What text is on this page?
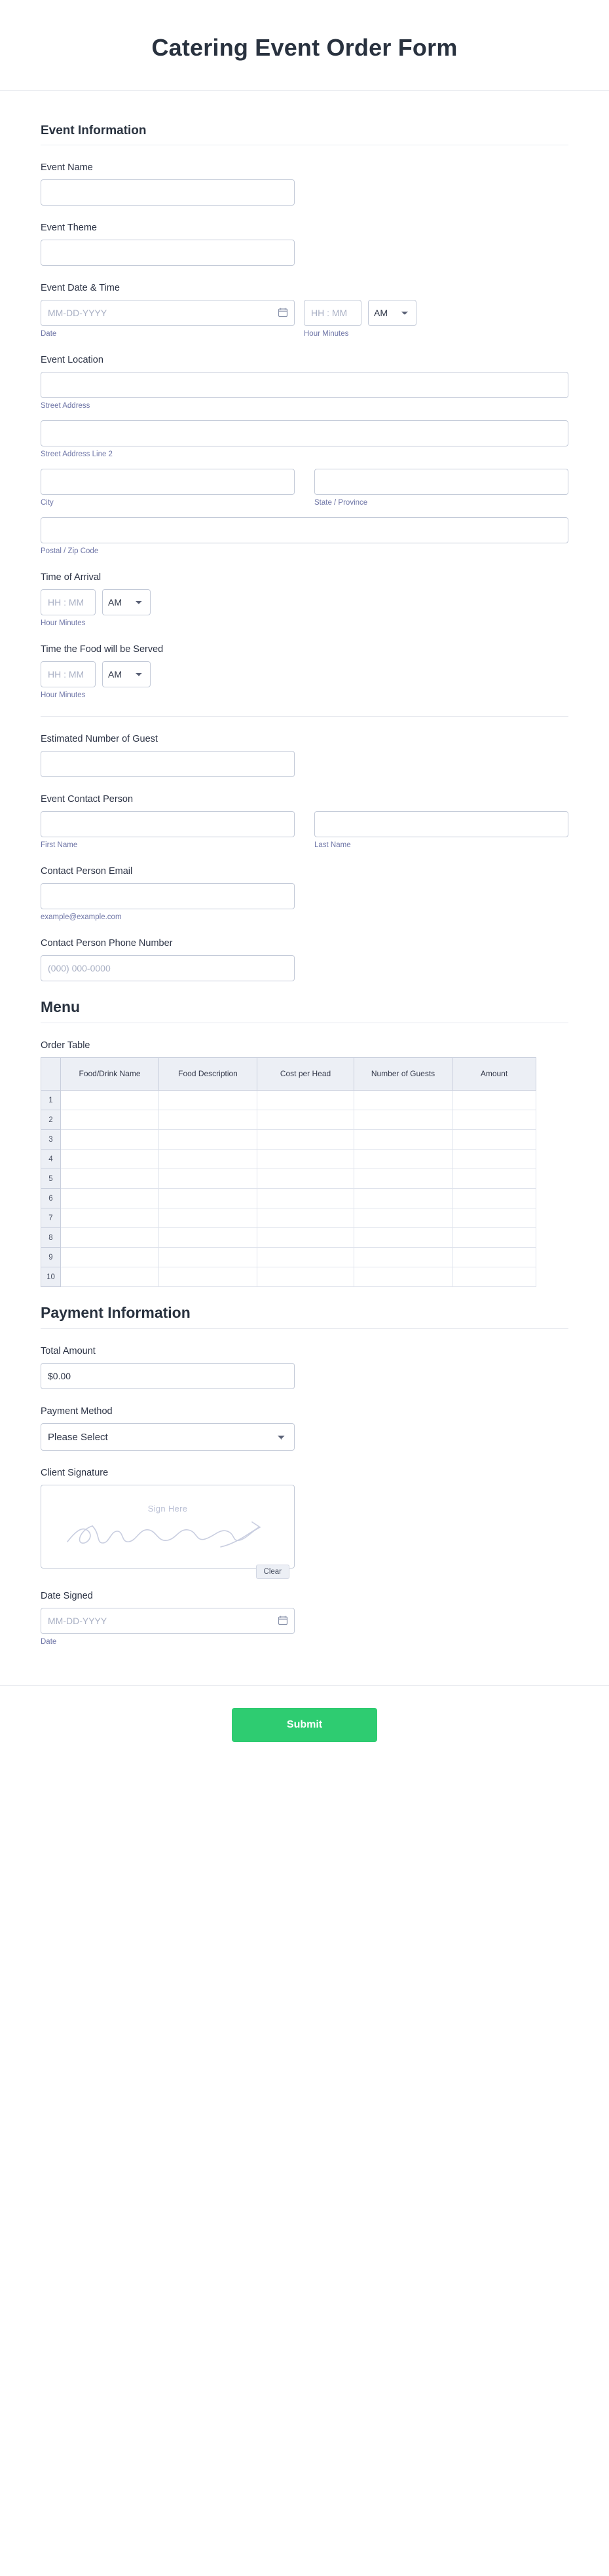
Catering Event Order Form
Event Information
Event Name
Event Theme
Event Date & Time
MM-DD-YYYY
Date
HH : MM
AM	Hour Minutes
Event Location
Street Address
Street Address Line 2
City	State / Province
Postal / Zip Code
Time of Arrival
HH : MM
AM
Hour Minutes
Time the Food will be Served
HH : MM
AM
Hour Minutes
Estimated Number of Guest
Event Contact Person
First Name	Last Name
Contact Person Email
example@example.com
Contact Person Phone Number
(000) 000-0000
Menu
Order Table
	Food/Drink Name	Food Description	Cost per Head	Number of Guests	Amount
1					
2					
3					
4					
5					
6					
7					
8					
9					
10					
Payment Information
Total Amount
$0.00
Payment Method
Please Select
Client Signature
Sign Here
Clear
Date Signed
MM-DD-YYYY
Date
Submit
